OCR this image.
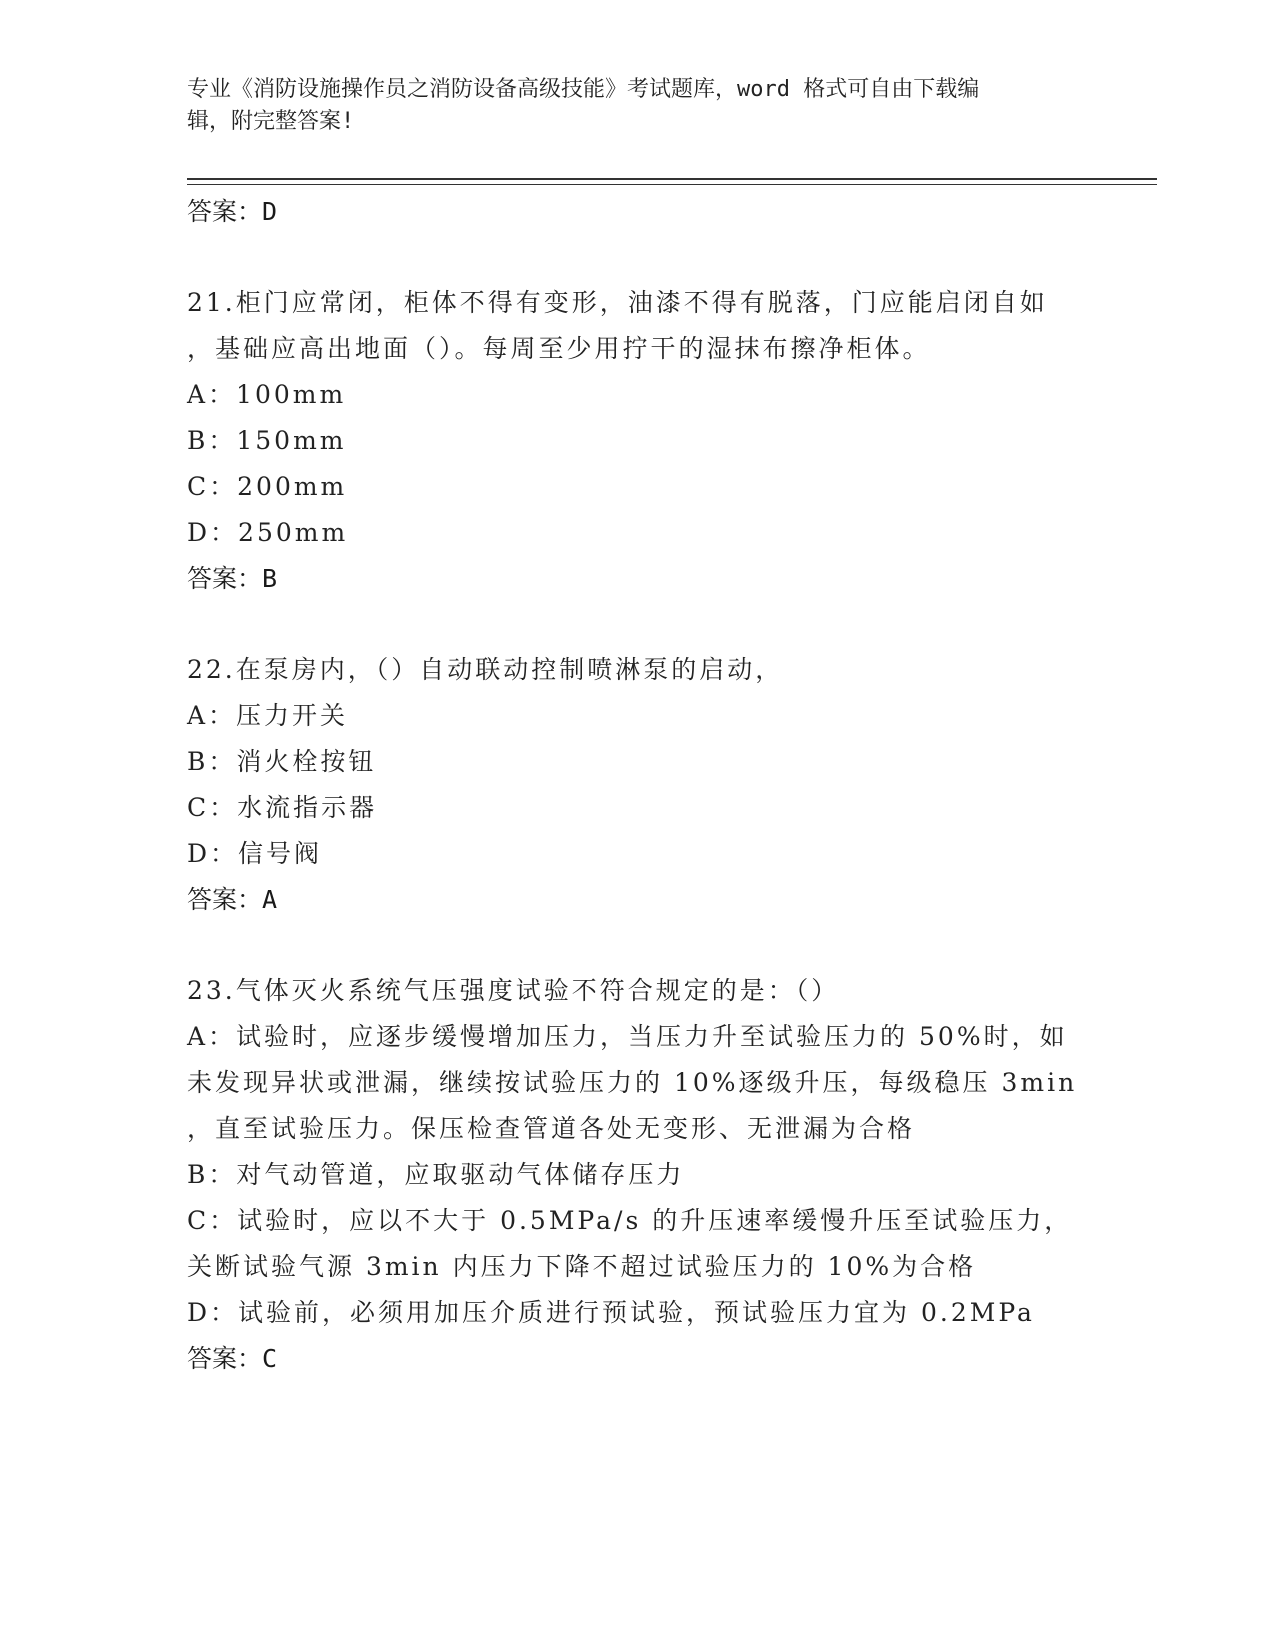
专业《消防设施操作员之消防设备高级技能》考试题库，word 格式可自由下载编
辑，附完整答案!
答案：D
21.柜门应常闭，柜体不得有变形，油漆不得有脱落，门应能启闭自如
，基础应高出地面（）。每周至少用拧干的湿抹布擦净柜体。
A：100mm
B：150mm
C：200mm
D：250mm
答案：B
22.在泵房内，（）自动联动控制喷淋泵的启动，
A：压力开关
B：消火栓按钮
C：水流指示器
D：信号阀
答案：A
23.气体灭火系统气压强度试验不符合规定的是：（）
A：试验时，应逐步缓慢增加压力，当压力升至试验压力的 50%时，如
未发现异状或泄漏，继续按试验压力的 10%逐级升压，每级稳压 3min
，直至试验压力。保压检查管道各处无变形、无泄漏为合格
B：对气动管道，应取驱动气体储存压力
C：试验时，应以不大于 0.5MPa/s 的升压速率缓慢升压至试验压力，
关断试验气源 3min 内压力下降不超过试验压力的 10%为合格
D：试验前，必须用加压介质进行预试验，预试验压力宜为 0.2MPa
答案：C
